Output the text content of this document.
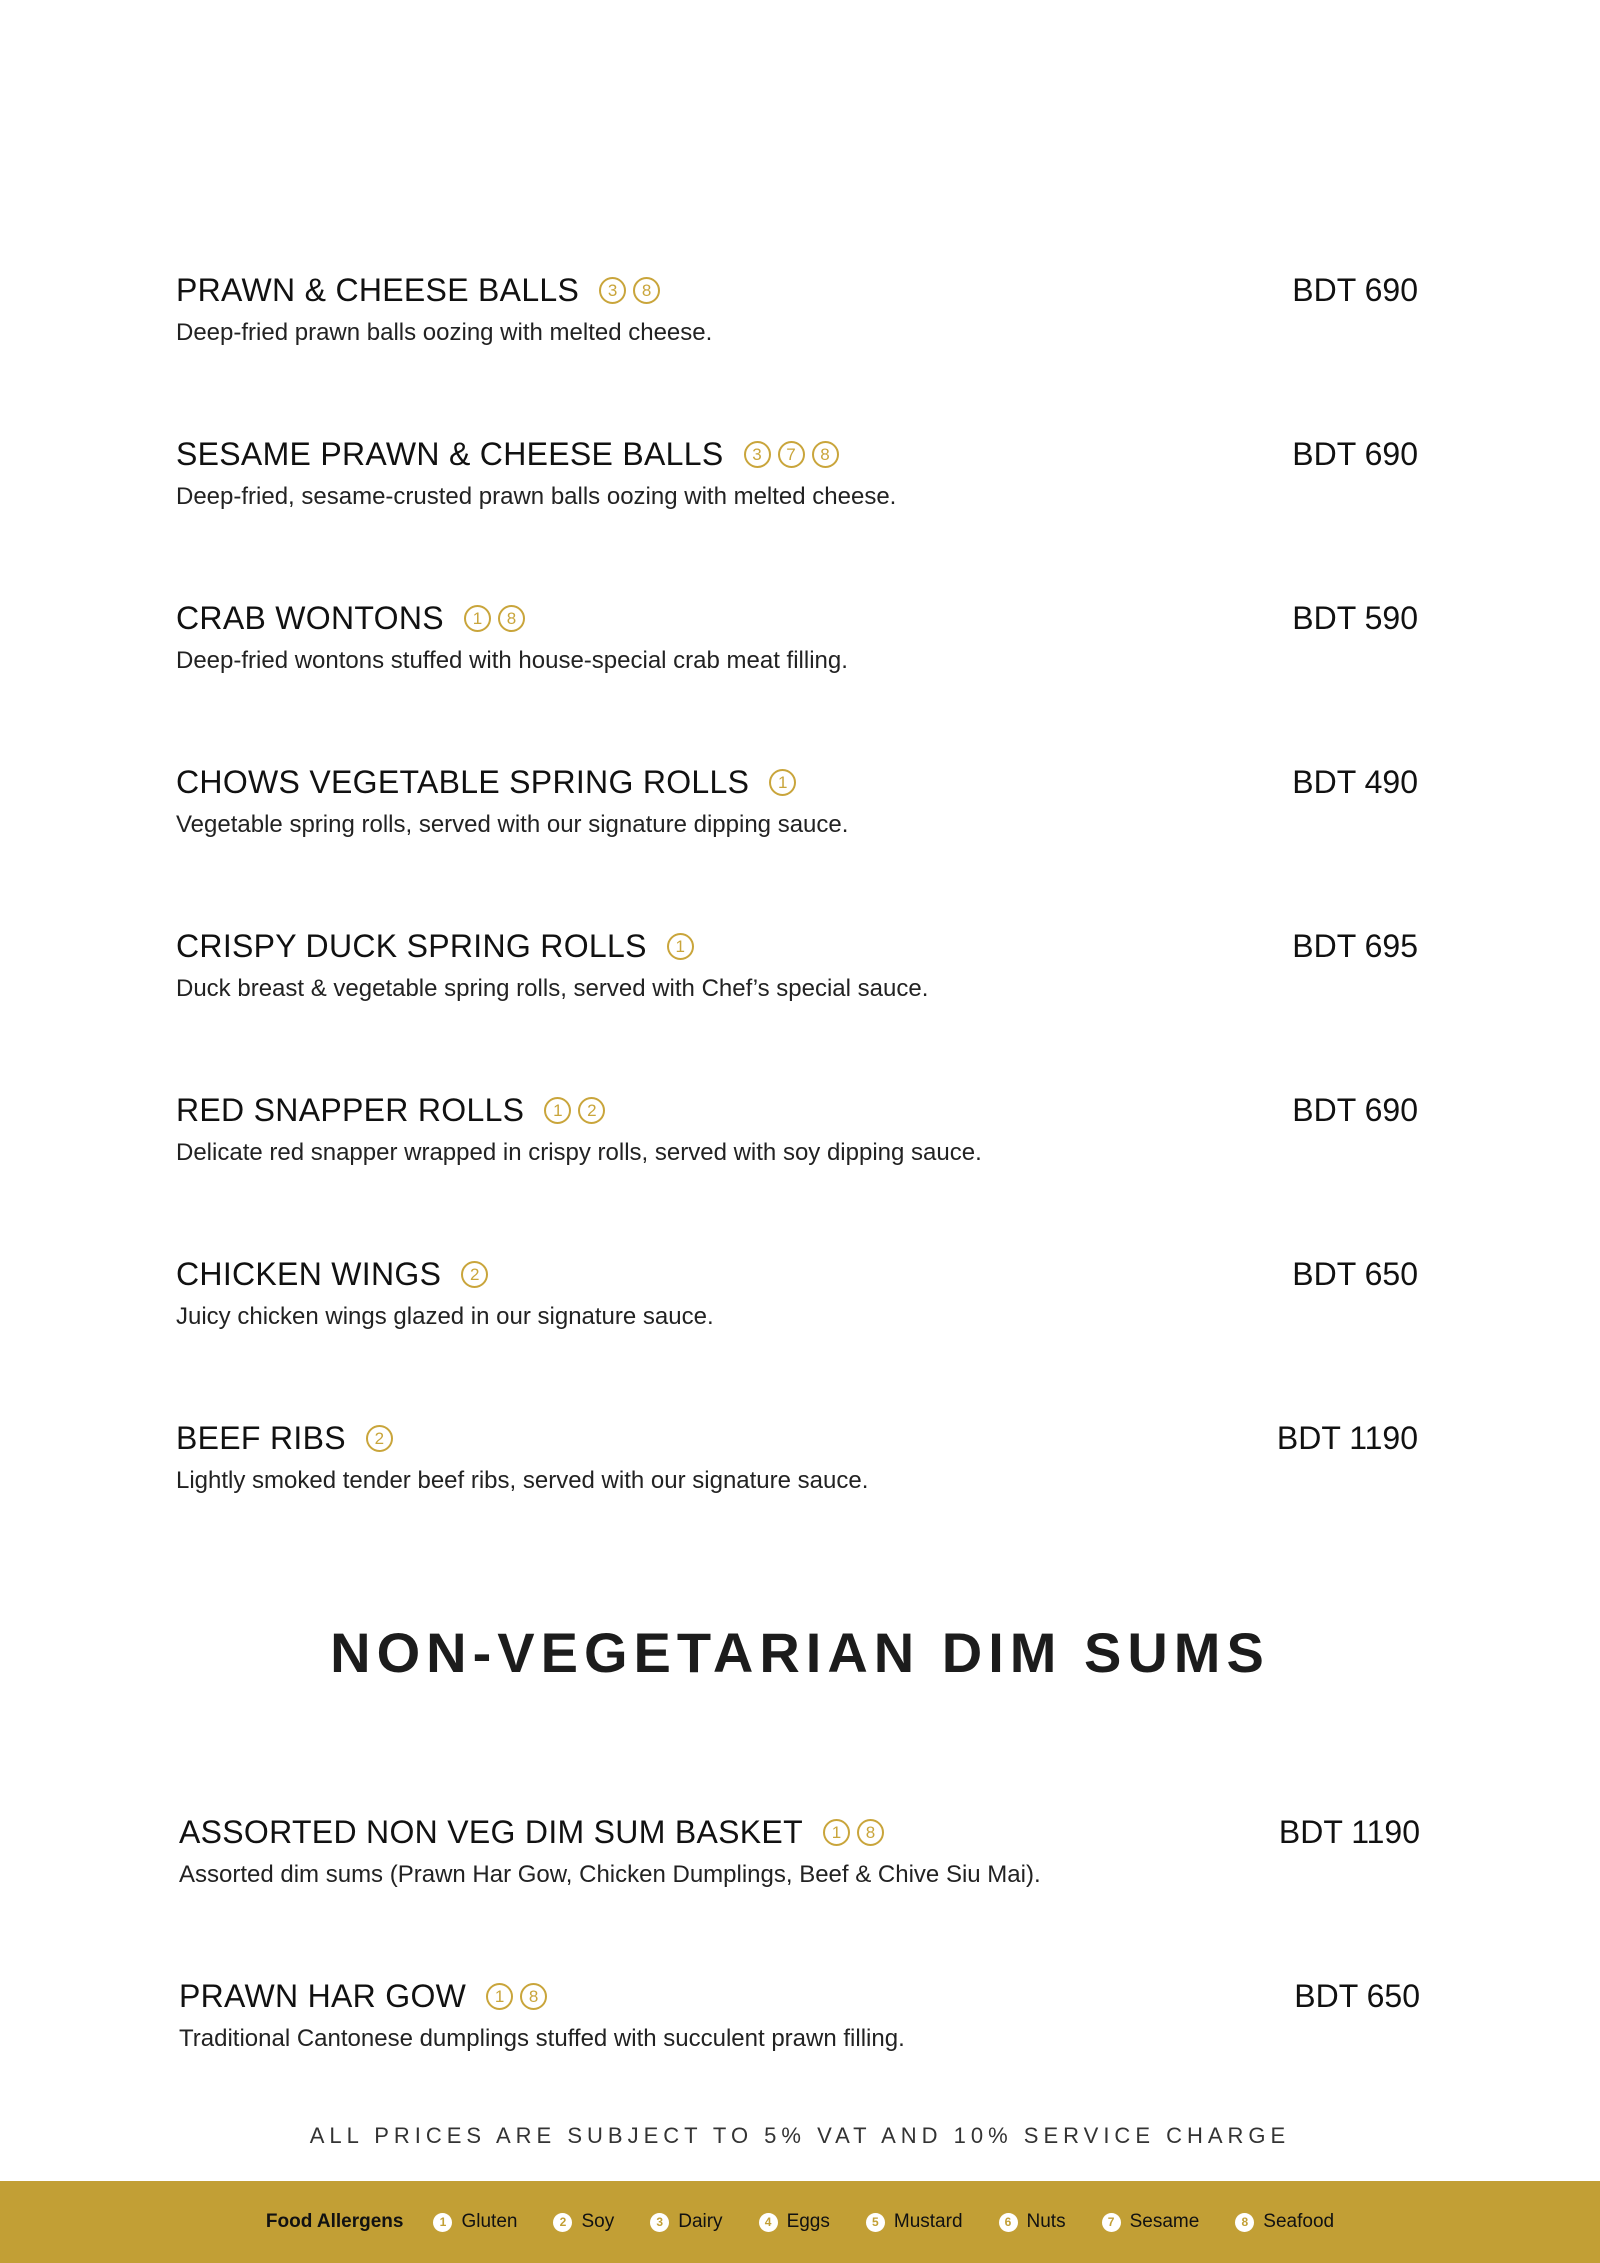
PRAWN & CHEESE BALLS	3	8	BDT 690
Deep-fried prawn balls oozing with melted cheese.
SESAME PRAWN & CHEESE BALLS	3	7	8	BDT 690
Deep-fried, sesame-crusted prawn balls oozing with melted cheese.
CRAB WONTONS	1	8	BDT 590
Deep-fried wontons stuffed with house-special crab meat filling.
CHOWS VEGETABLE SPRING ROLLS	1	BDT 490
Vegetable spring rolls, served with our signature dipping sauce.
CRISPY DUCK SPRING ROLLS	1	BDT 695
Duck breast & vegetable spring rolls, served with Chef’s special sauce.
RED SNAPPER ROLLS	1	2	BDT 690
Delicate red snapper wrapped in crispy rolls, served with soy dipping sauce.
CHICKEN WINGS	2	BDT 650
Juicy chicken wings glazed in our signature sauce.
BEEF RIBS	2	BDT 1190
Lightly smoked tender beef ribs, served with our signature sauce.
NON-VEGETARIAN DIM SUMS
ASSORTED NON VEG DIM SUM BASKET	1	8	BDT 1190
Assorted dim sums (Prawn Har Gow, Chicken Dumplings, Beef & Chive Siu Mai).
PRAWN HAR GOW	1	8	BDT 650
Traditional Cantonese dumplings stuffed with succulent prawn filling.
ALL PRICES ARE SUBJECT TO 5% VAT AND 10% SERVICE CHARGE
Food Allergens	1 Gluten	2 Soy	3 Dairy	4 Eggs	5 Mustard	6 Nuts	7 Sesame	8 Seafood
